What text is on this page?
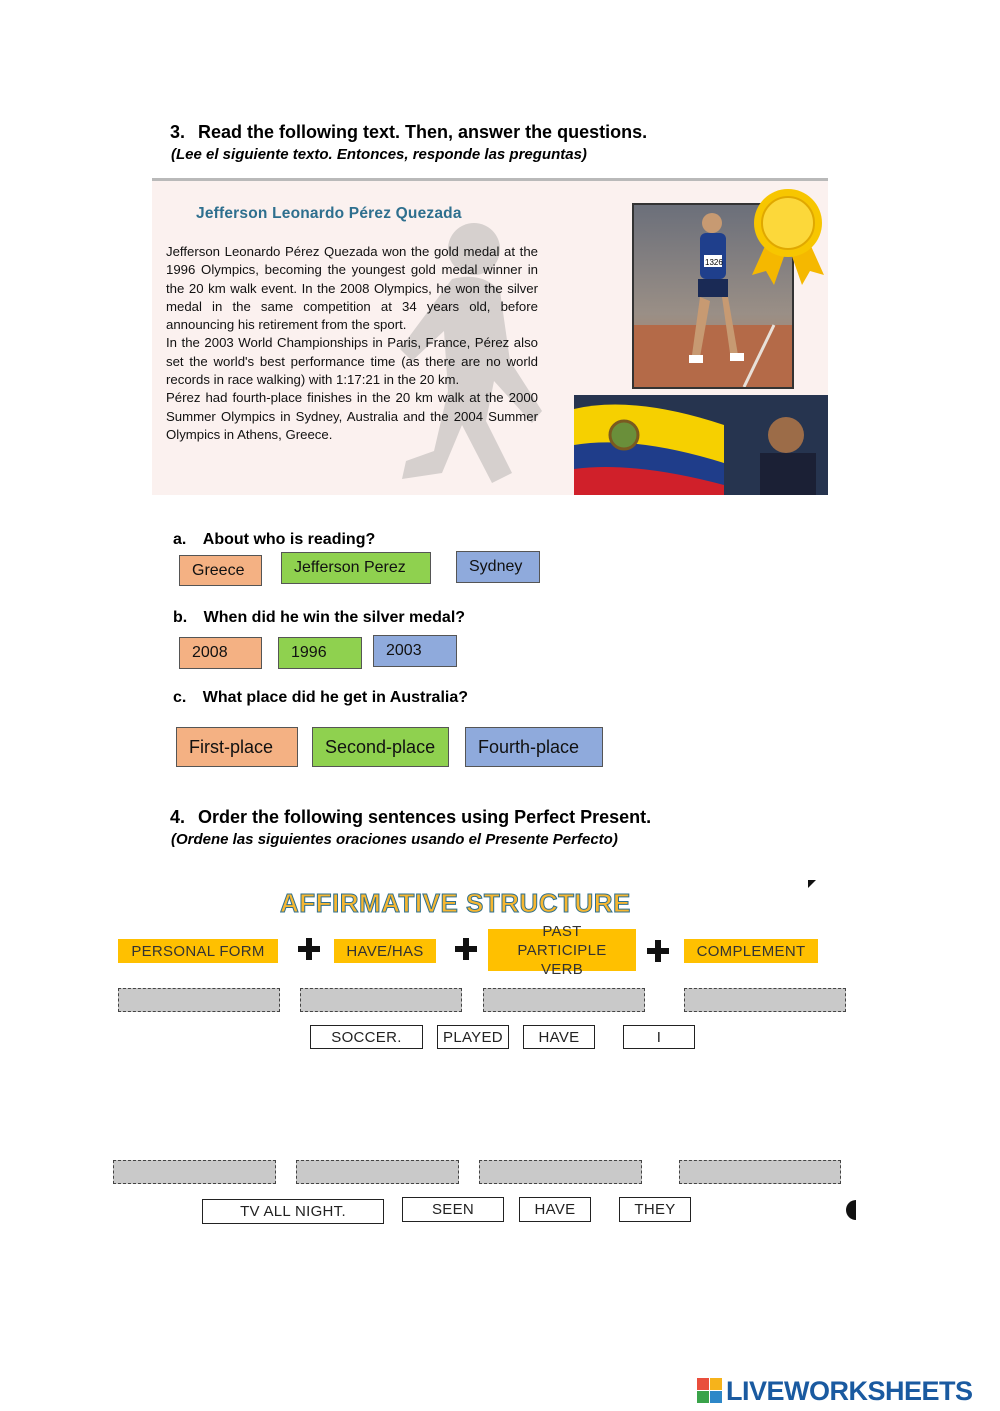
3. Read the following text. Then, answer the questions.
(Lee el siguiente texto. Entonces, responde las preguntas)
Jefferson Leonardo Pérez Quezada

Jefferson Leonardo Pérez Quezada won the gold medal at the 1996 Olympics, becoming the youngest gold medal winner in the 20 km walk event. In the 2008 Olympics, he won the silver medal in the same competition at 34 years old, before announcing his retirement from the sport.

In the 2003 World Championships in Paris, France, Pérez also set the world's best performance time (as there are no world records in race walking) with 1:17:21 in the 20 km.

Pérez had fourth-place finishes in the 20 km walk at the 2000 Summer Olympics in Sydney, Australia and the 2004 Summer Olympics in Athens, Greece.

1326
a. About who is reading?
Greece	Jefferson Perez	Sydney
b. When did he win the silver medal?
2008	1996	2003
c. What place did he get in Australia?
First-place	Second-place	Fourth-place
4. Order the following sentences using Perfect Present.
(Ordene las siguientes oraciones usando el Presente Perfecto)
AFFIRMATIVE STRUCTURE
PERSONAL FORM	HAVE/HAS
PAST PARTICIPLE VERB
COMPLEMENT
SOCCER.	PLAYED	HAVE	I
TV ALL NIGHT.	SEEN	HAVE	THEY
LIVEWORKSHEETS
